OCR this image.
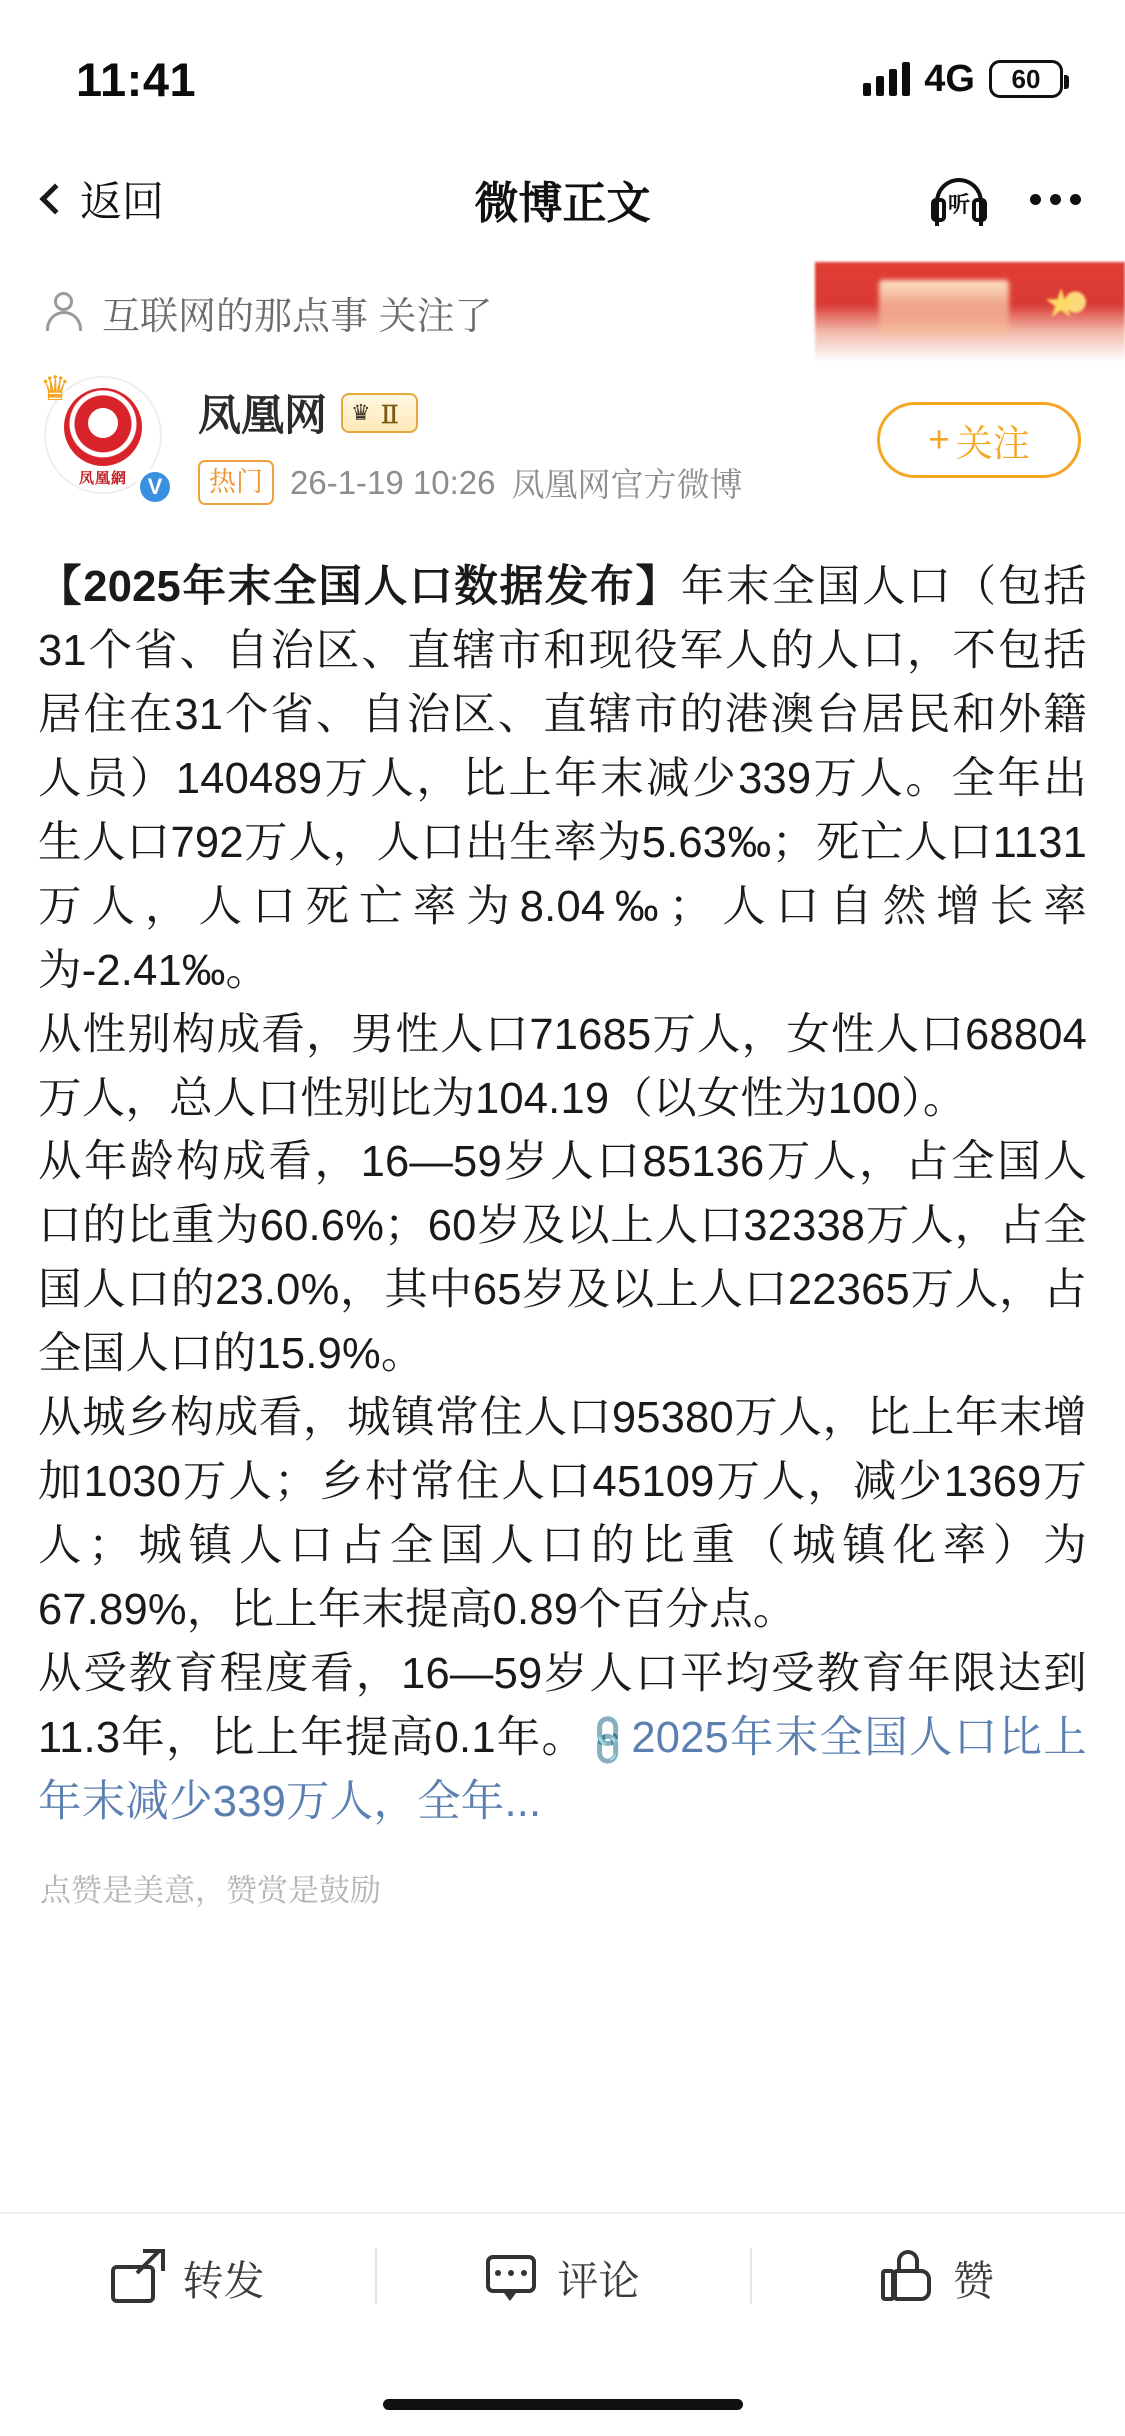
11:41	4G 60
返回	微博正文	听
互联网的那点事 关注了	★
凤凰網
♛
V
凤凰网 ♛ Ⅱ
热门 26-1-19 10:26 凤凰网官方微博
+ 关注

【2025年末全国人口数据发布】年末全国人口（包括31个省、自治区、直辖市和现役军人的人口，不包括居住在31个省、自治区、直辖市的港澳台居民和外籍人员）140489万人，比上年末减少339万人。全年出生人口792万人，人口出生率为5.63‰；死亡人口1131万人，人口死亡率为8.04‰；人口自然增长率为-2.41‰。

从性别构成看，男性人口71685万人，女性人口68804万人，总人口性别比为104.19（以女性为100）。

从年龄构成看，16—59岁人口85136万人，占全国人口的比重为60.6%；60岁及以上人口32338万人，占全国人口的23.0%，其中65岁及以上人口22365万人，占全国人口的15.9%。

从城乡构成看，城镇常住人口95380万人，比上年末增加1030万人；乡村常住人口45109万人，减少1369万人；城镇人口占全国人口的比重（城镇化率）为67.89%，比上年末提高0.89个百分点。

从受教育程度看，16—59岁人口平均受教育年限达到11.3年，比上年提高0.1年。🔗2025年末全国人口比上年末减少339万人，全年...

点赞是美意，赞赏是鼓励
转发	评论	赞
